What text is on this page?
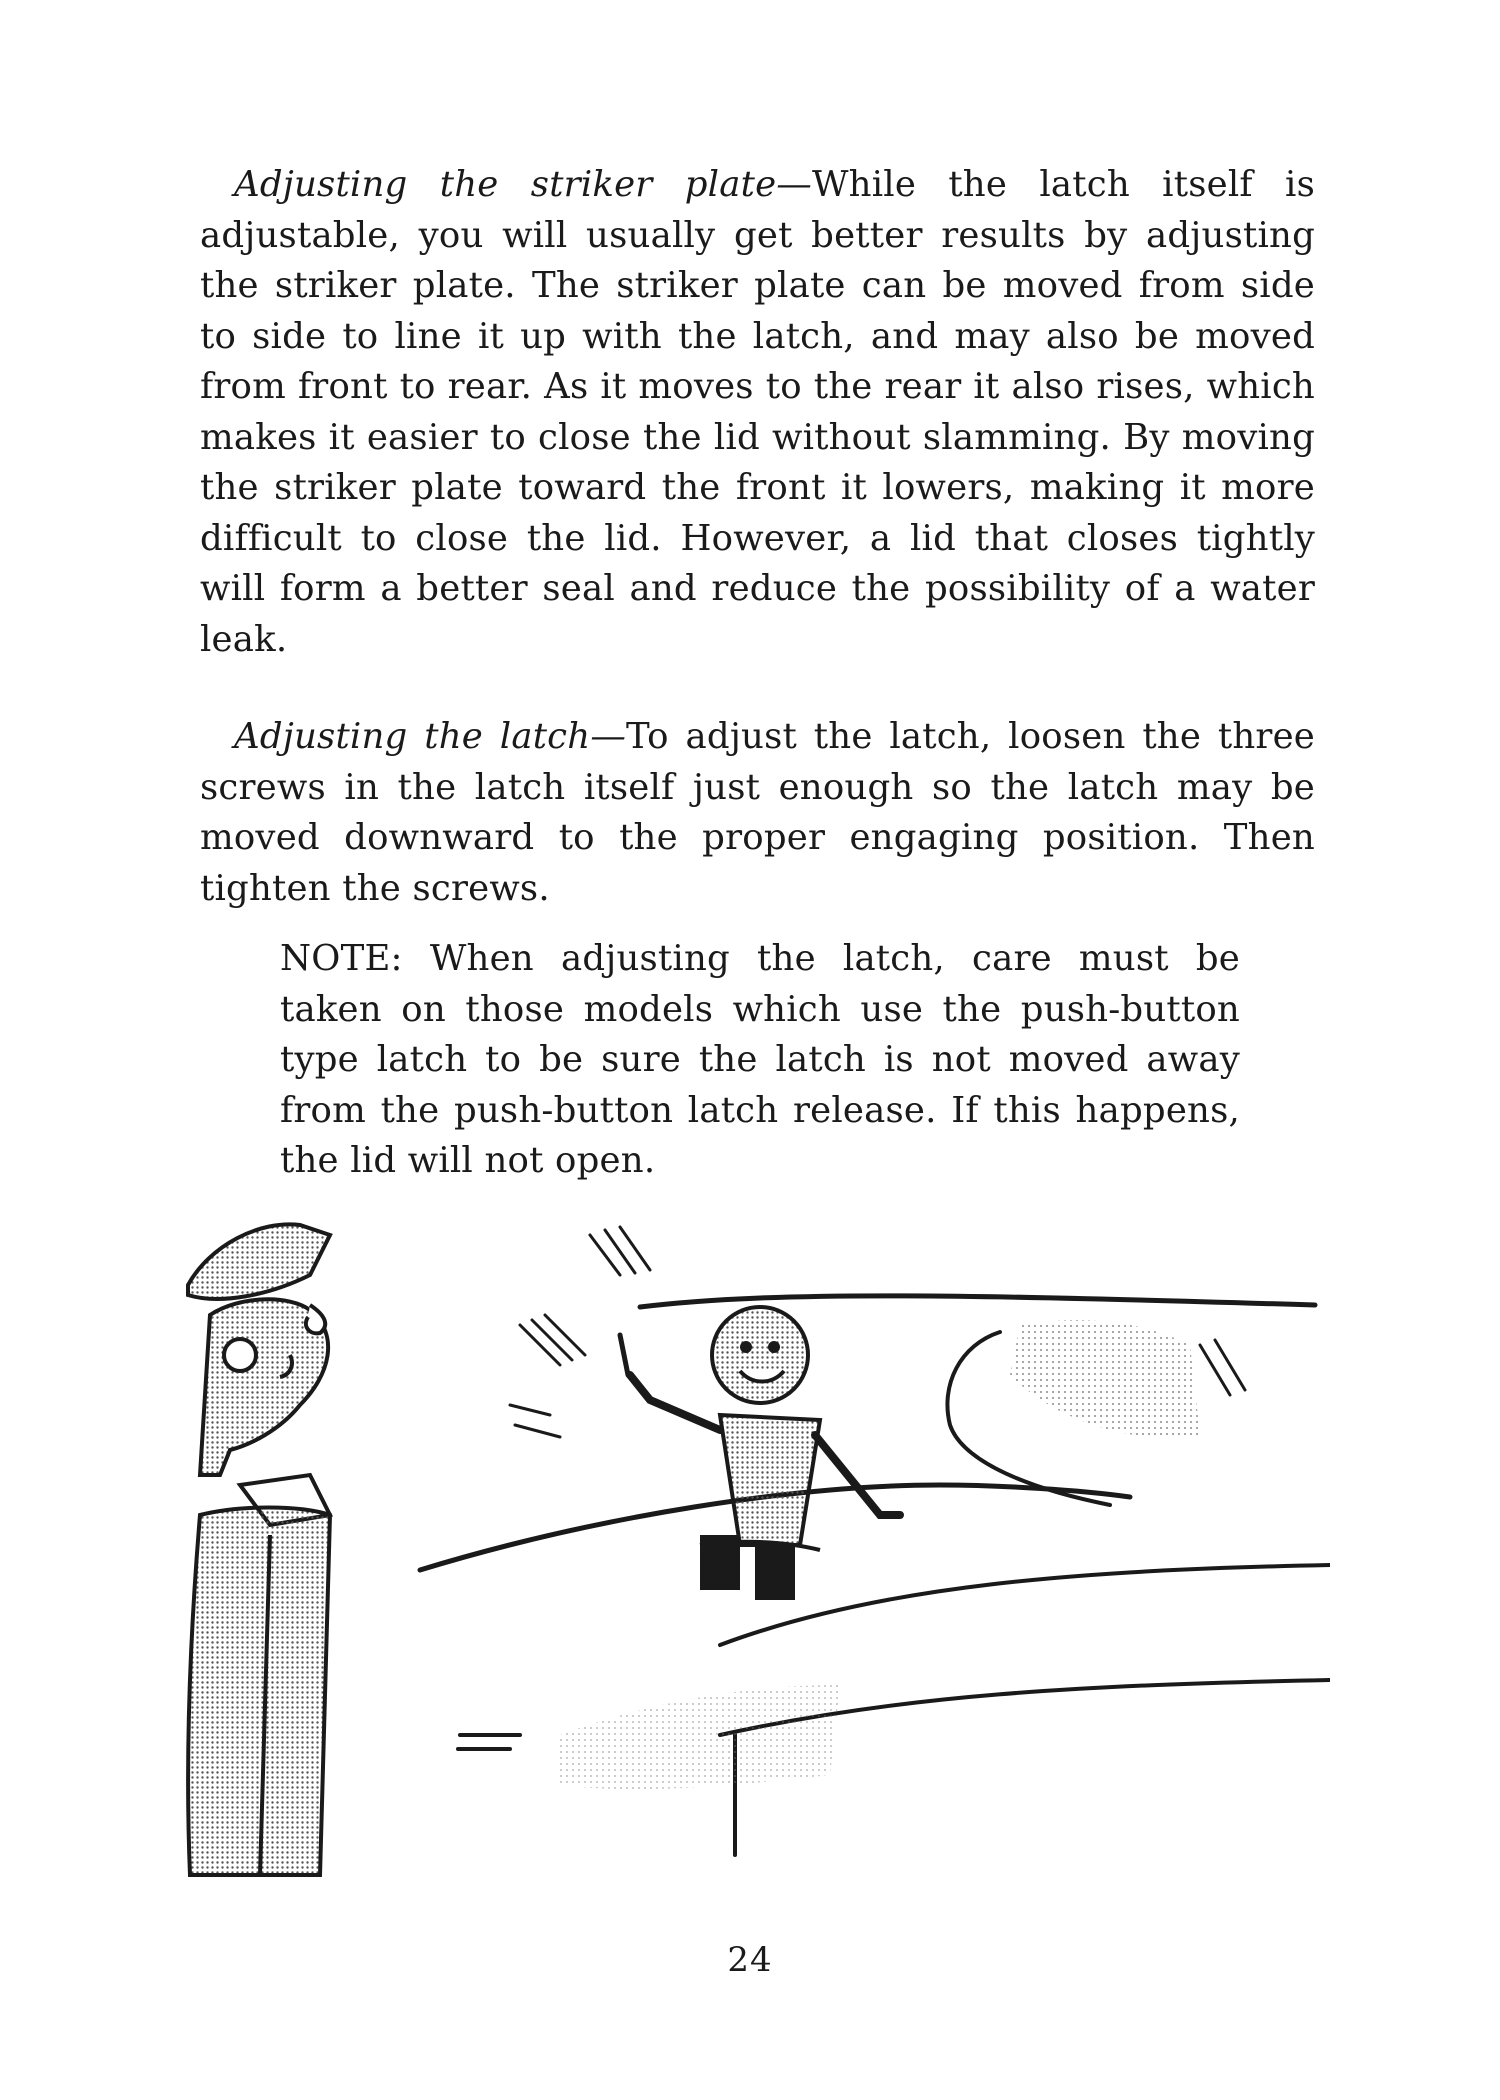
Adjusting the striker plate—While the latch itself is adjustable, you will usually get better results by adjusting the striker plate. The striker plate can be moved from side to side to line it up with the latch, and may also be moved from front to rear. As it moves to the rear it also rises, which makes it easier to close the lid without slamming. By moving the striker plate toward the front it lowers, making it more difficult to close the lid. However, a lid that closes tightly will form a better seal and reduce the possibility of a water leak.

Adjusting the latch—To adjust the latch, loosen the three screws in the latch itself just enough so the latch may be moved downward to the proper engaging position. Then tighten the screws.

NOTE: When adjusting the latch, care must be taken on those models which use the push-button type latch to be sure the latch is not moved away from the push-button latch release. If this happens, the lid will not open.

24
